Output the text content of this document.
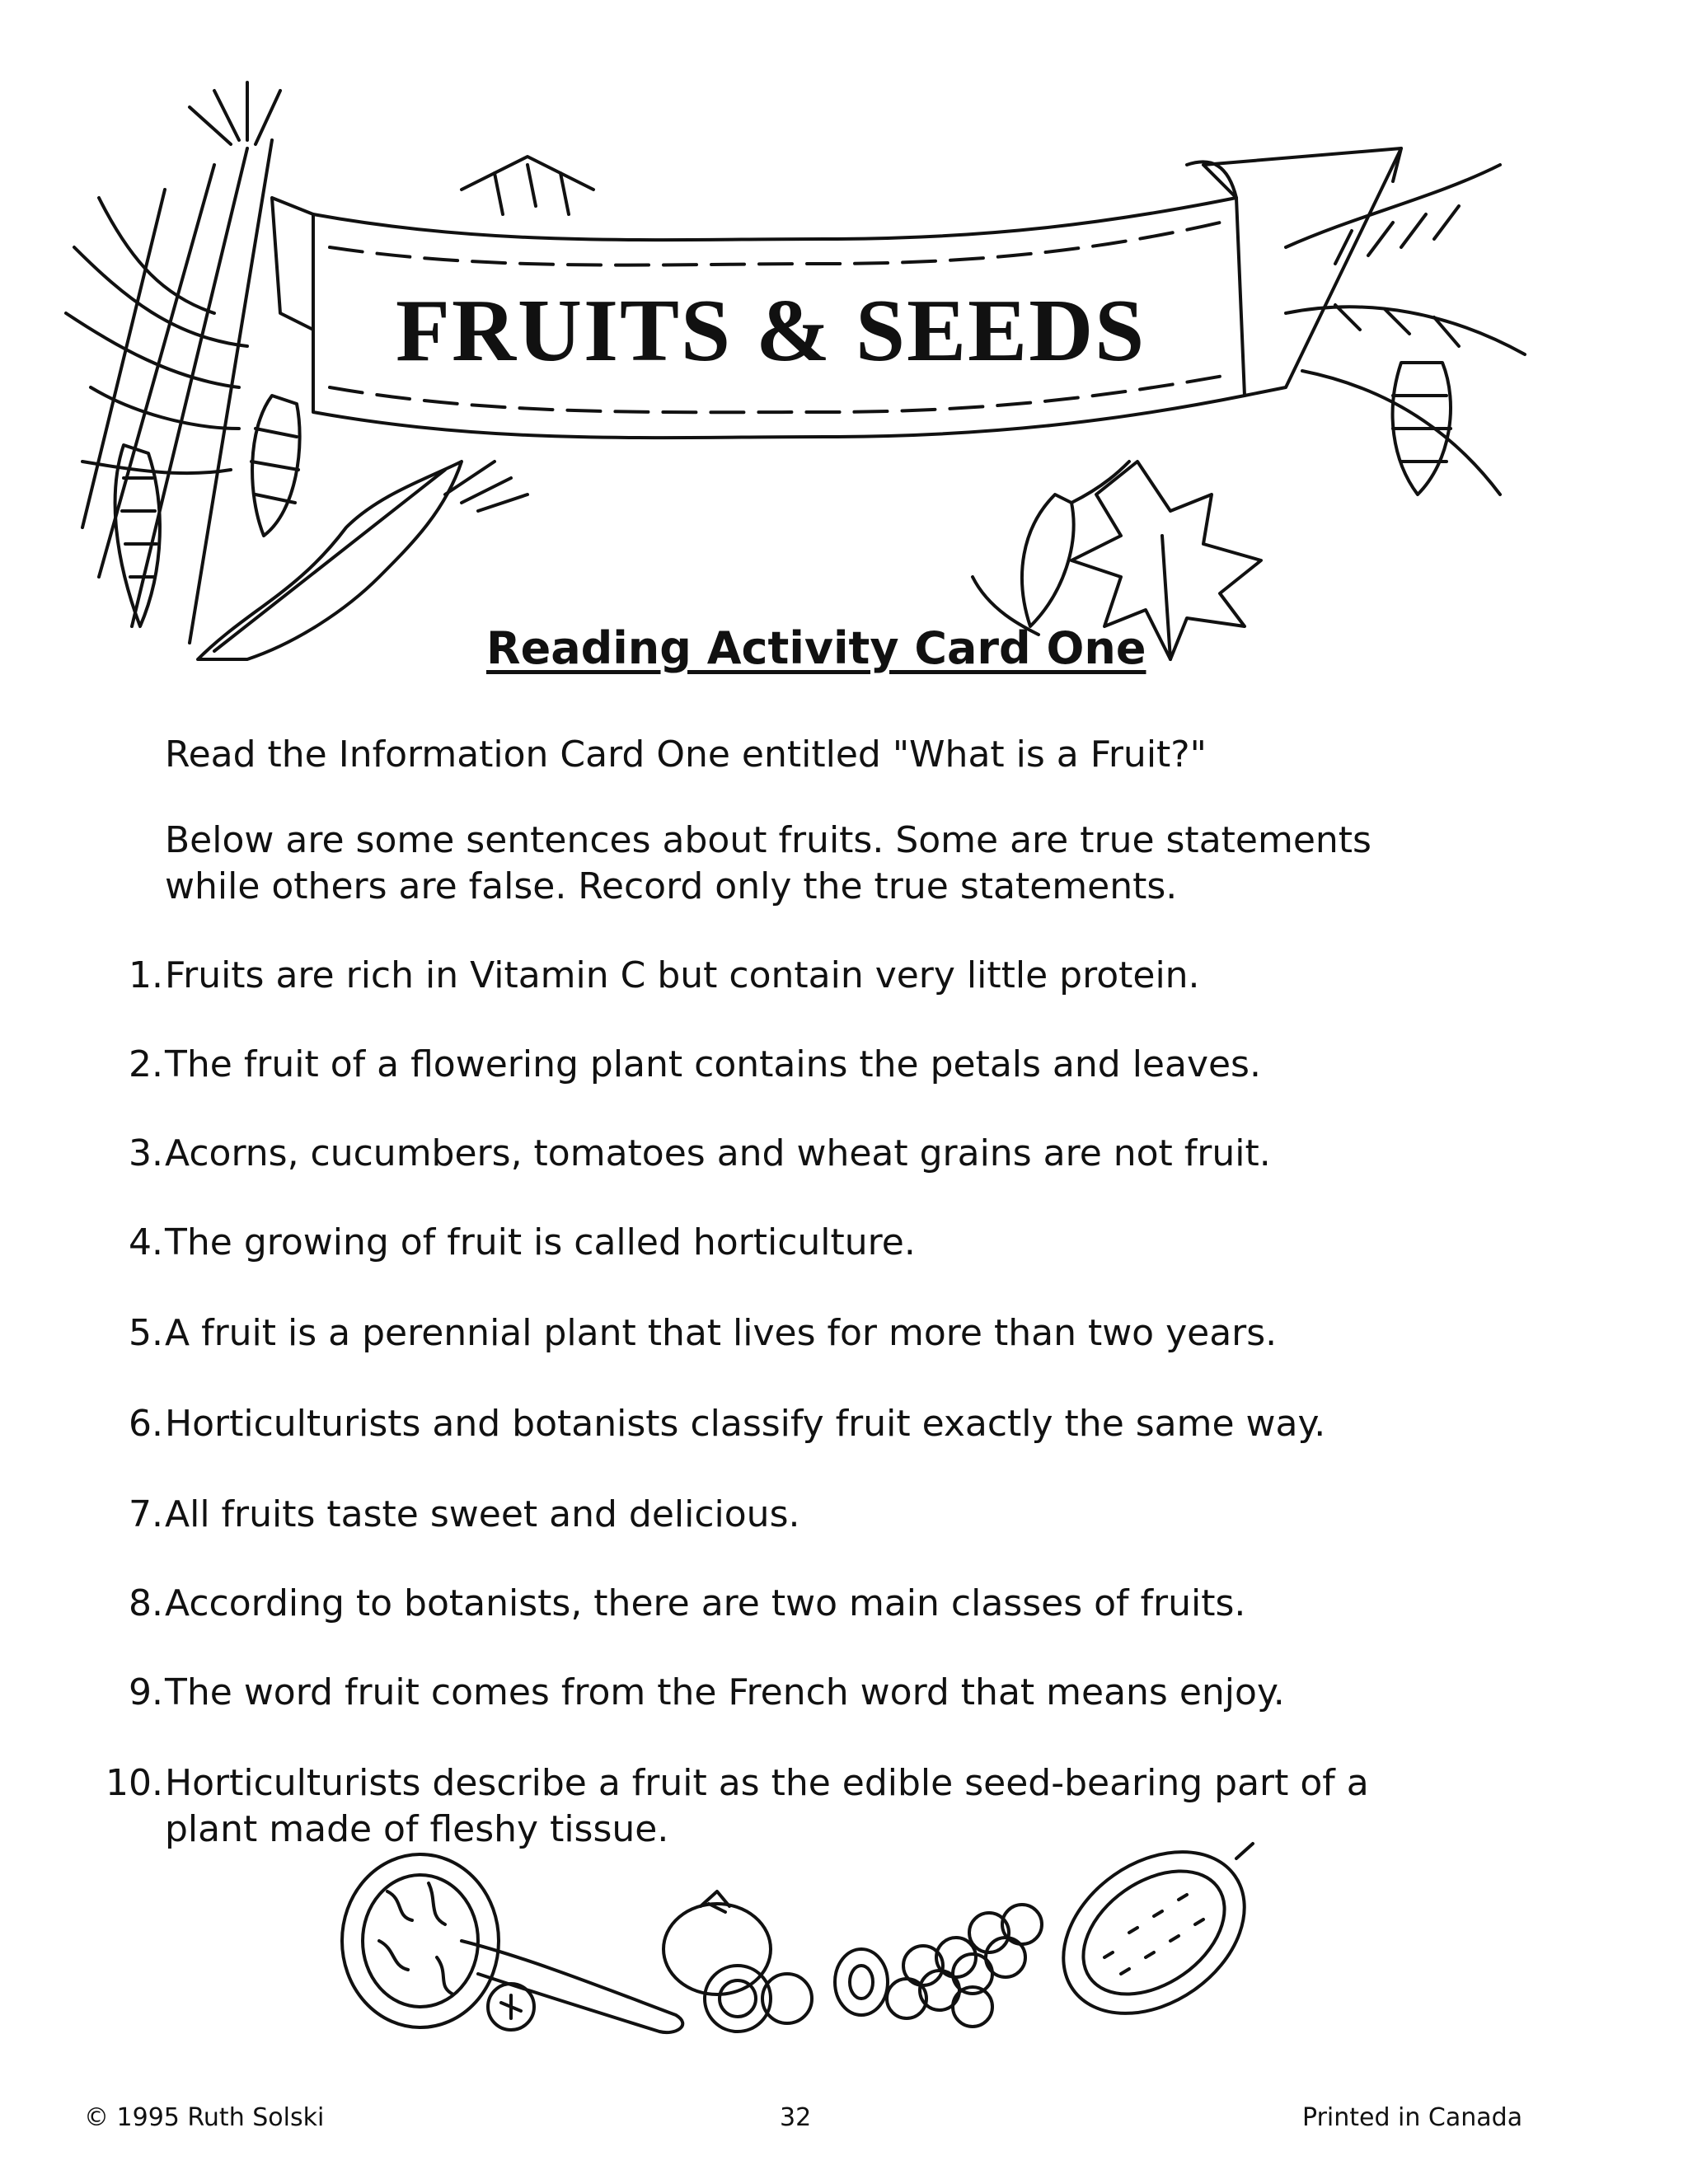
FRUITS & SEEDS
Reading Activity Card One
Read the Information Card One entitled "What is a Fruit?"
Below are some sentences about fruits. Some are true statements while others are false. Record only the true statements.
1. Fruits are rich in Vitamin C but contain very little protein.
2. The fruit of a flowering plant contains the petals and leaves.
3. Acorns, cucumbers, tomatoes and wheat grains are not fruit.
4. The growing of fruit is called horticulture.
5. A fruit is a perennial plant that lives for more than two years.
6. Horticulturists and botanists classify fruit exactly the same way.
7. All fruits taste sweet and delicious.
8. According to botanists, there are two main classes of fruits.
9. The word fruit comes from the French word that means enjoy.
10. Horticulturists describe a fruit as the edible seed-bearing part of a plant made of fleshy tissue.
© 1995 Ruth Solski	32	Printed in Canada
